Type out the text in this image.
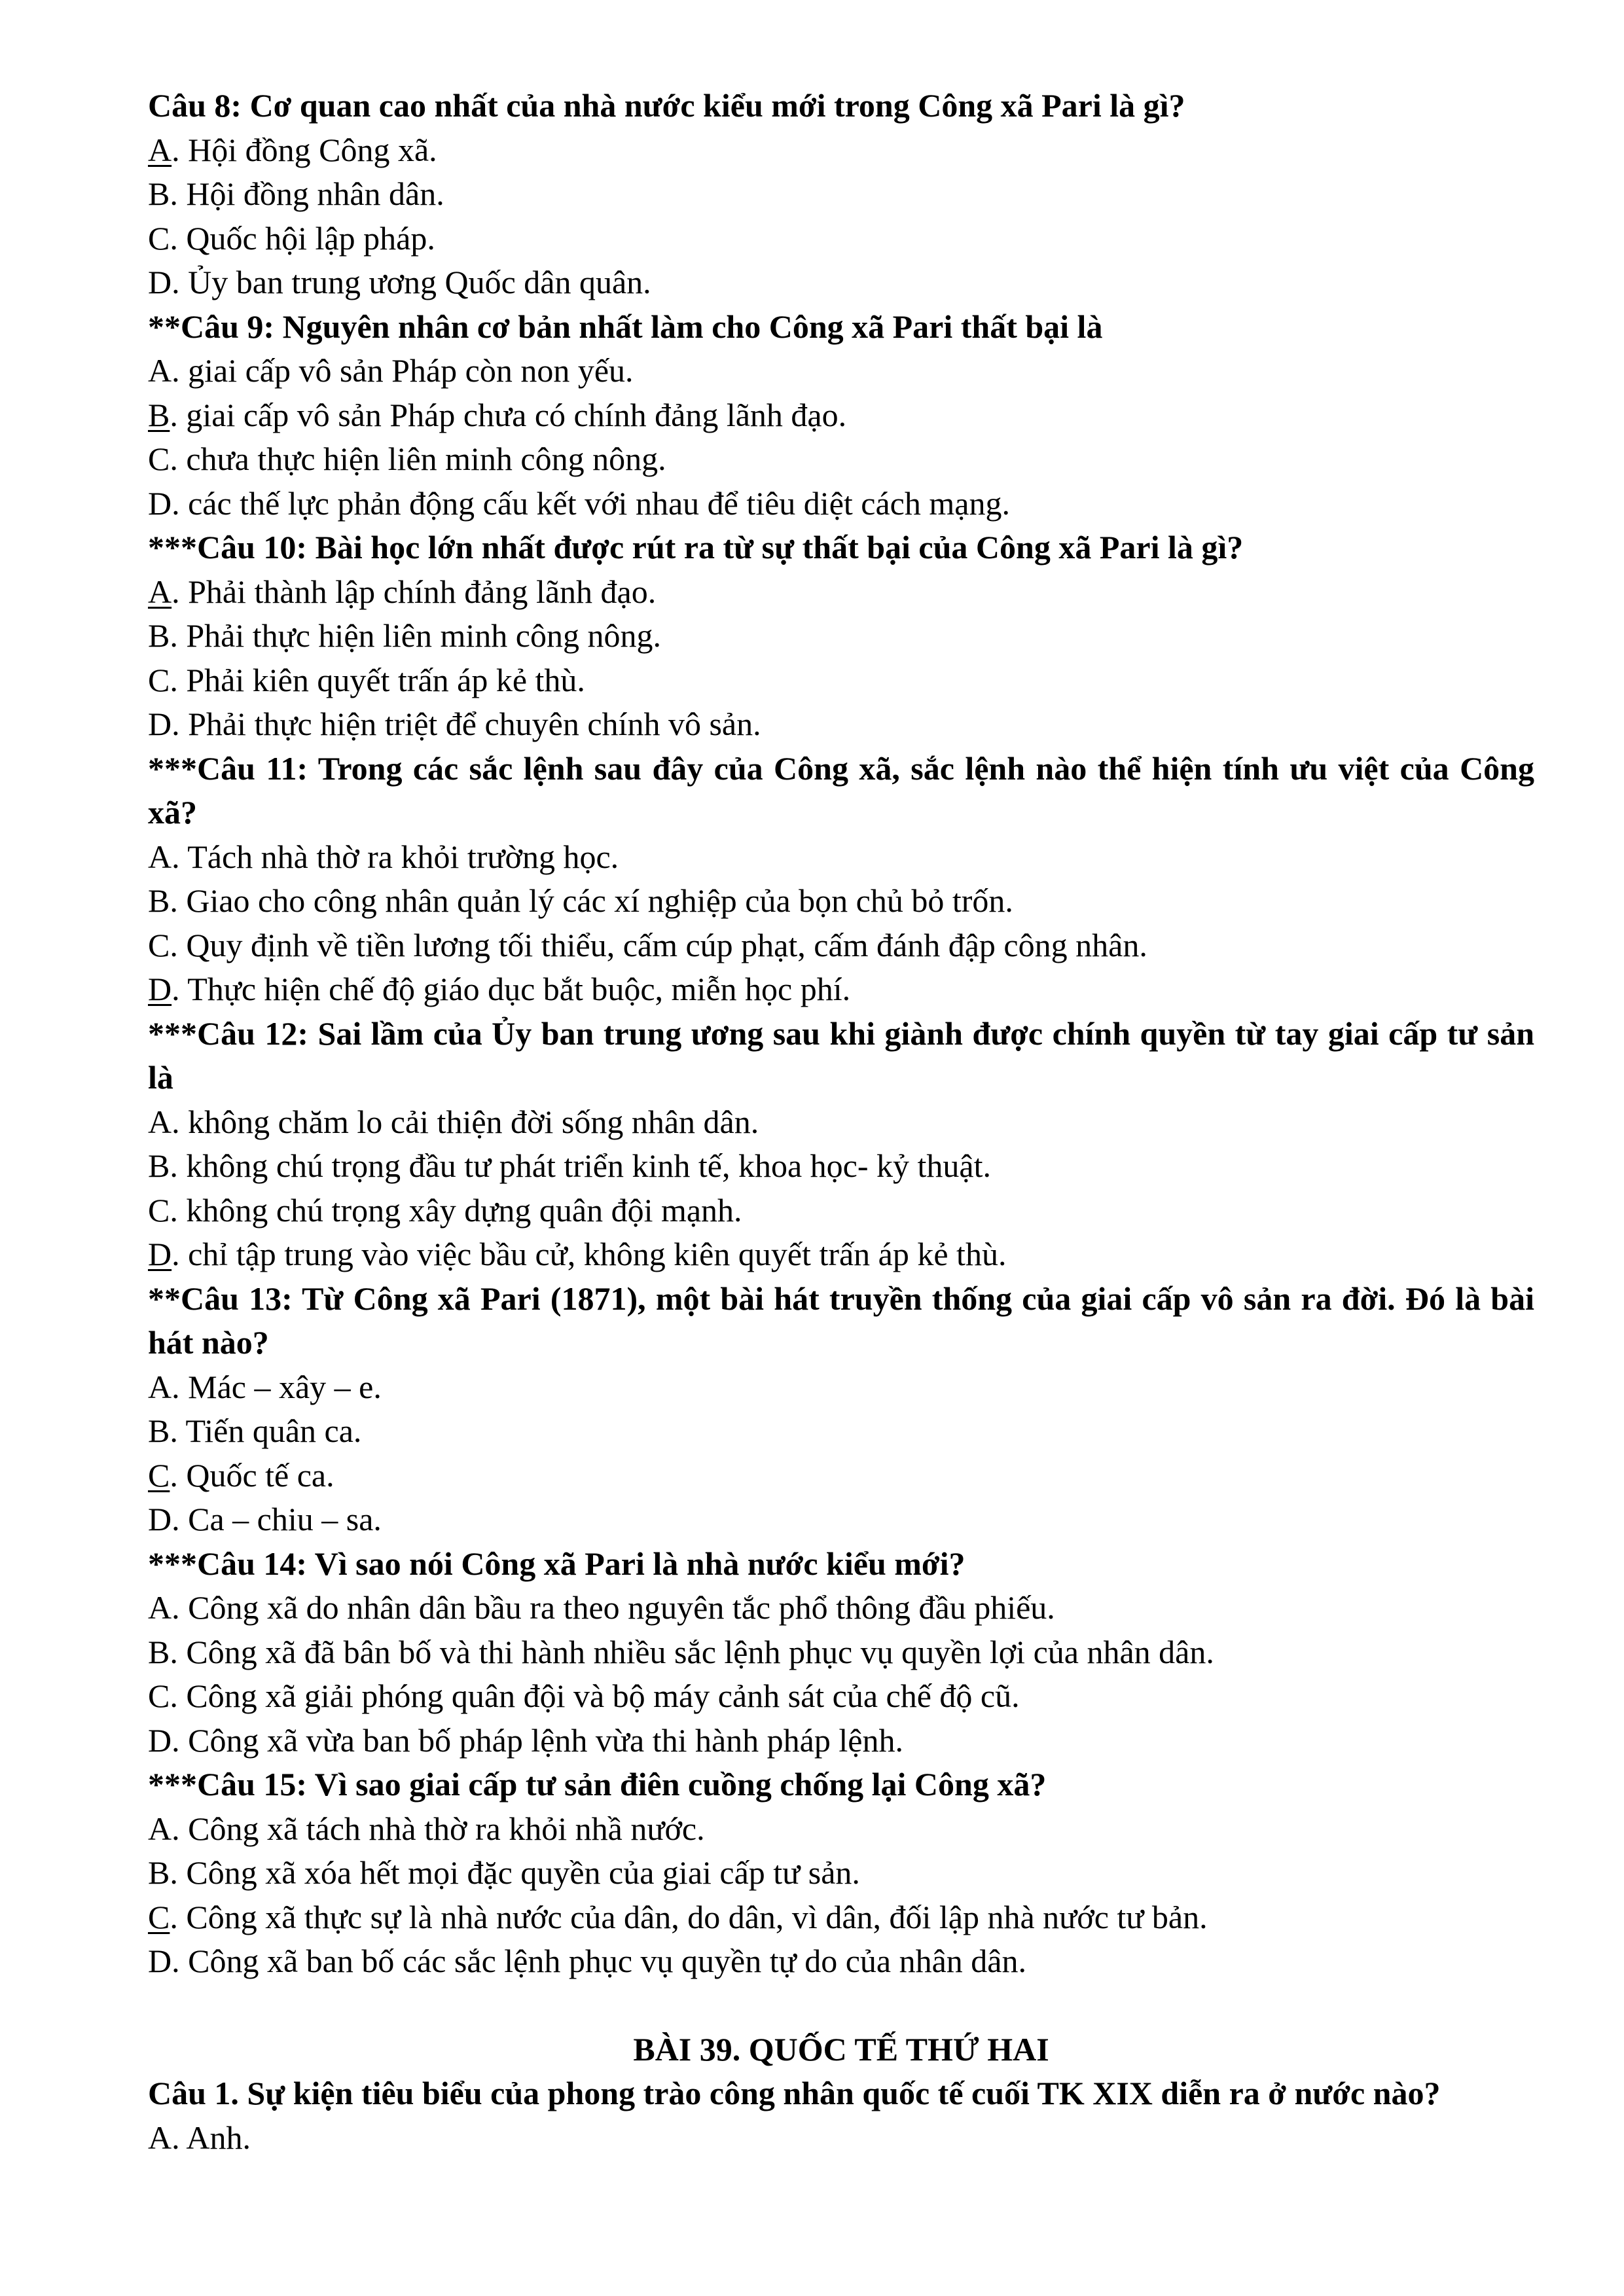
Câu 8: Cơ quan cao nhất của nhà nước kiểu mới trong Công xã Pari là gì?
A. Hội đồng Công xã.
B. Hội đồng nhân dân.
C. Quốc hội lập pháp.
D. Ủy ban trung ương Quốc dân quân.
**Câu 9: Nguyên nhân cơ bản nhất làm cho Công xã Pari thất bại là
A. giai cấp vô sản Pháp còn non yếu.
B. giai cấp vô sản Pháp chưa có chính đảng lãnh đạo.
C. chưa thực hiện liên minh công nông.
D. các thế lực phản động cấu kết với nhau để tiêu diệt cách mạng.
***Câu 10: Bài học lớn nhất được rút ra từ sự thất bại của Công xã Pari là gì?
A. Phải thành lập chính đảng lãnh đạo.
B. Phải thực hiện liên minh công nông.
C. Phải kiên quyết trấn áp kẻ thù.
D. Phải thực hiện triệt để chuyên chính vô sản.
***Câu 11: Trong các sắc lệnh sau đây của Công xã, sắc lệnh nào thể hiện tính ưu việt của Công xã?
A. Tách nhà thờ ra khỏi trường học.
B. Giao cho công nhân quản lý các xí nghiệp của bọn chủ bỏ trốn.
C. Quy định về tiền lương tối thiểu, cấm cúp phạt, cấm đánh đập công nhân.
D. Thực hiện chế độ giáo dục bắt buộc, miễn học phí.
***Câu 12: Sai lầm của Ủy ban trung ương sau khi giành được chính quyền từ tay giai cấp tư sản là
A. không chăm lo cải thiện đời sống nhân dân.
B. không chú trọng đầu tư phát triển kinh tế, khoa học- kỷ thuật.
C. không chú trọng xây dựng quân đội mạnh.
D. chỉ tập trung vào việc bầu cử, không kiên quyết trấn áp kẻ thù.
**Câu 13: Từ Công xã Pari (1871), một bài hát truyền thống của giai cấp vô sản ra đời. Đó là bài hát nào?
A. Mác – xây – e.
B. Tiến quân ca.
C. Quốc tế ca.
D. Ca – chiu – sa.
***Câu 14: Vì sao nói Công xã Pari là nhà nước kiểu mới?
A. Công xã do nhân dân bầu ra theo nguyên tắc phổ thông đầu phiếu.
B. Công xã đã bân bố và thi hành nhiều sắc lệnh phục vụ quyền lợi của nhân dân.
C. Công xã giải phóng quân đội và bộ máy cảnh sát của chế độ cũ.
D. Công xã vừa ban bố pháp lệnh vừa thi hành pháp lệnh.
***Câu 15: Vì sao giai cấp tư sản điên cuồng chống lại Công xã?
A. Công xã tách nhà thờ ra khỏi nhầ nước.
B. Công xã xóa hết mọi đặc quyền của giai cấp tư sản.
C. Công xã thực sự là nhà nước của dân, do dân, vì dân, đối lập nhà nước tư bản.
D. Công xã ban bố các sắc lệnh phục vụ quyền tự do của nhân dân.
BÀI 39. QUỐC TẾ THỨ HAI
Câu 1. Sự kiện tiêu biểu của phong trào công nhân quốc tế cuối TK XIX diễn ra ở nước nào?
A. Anh.
